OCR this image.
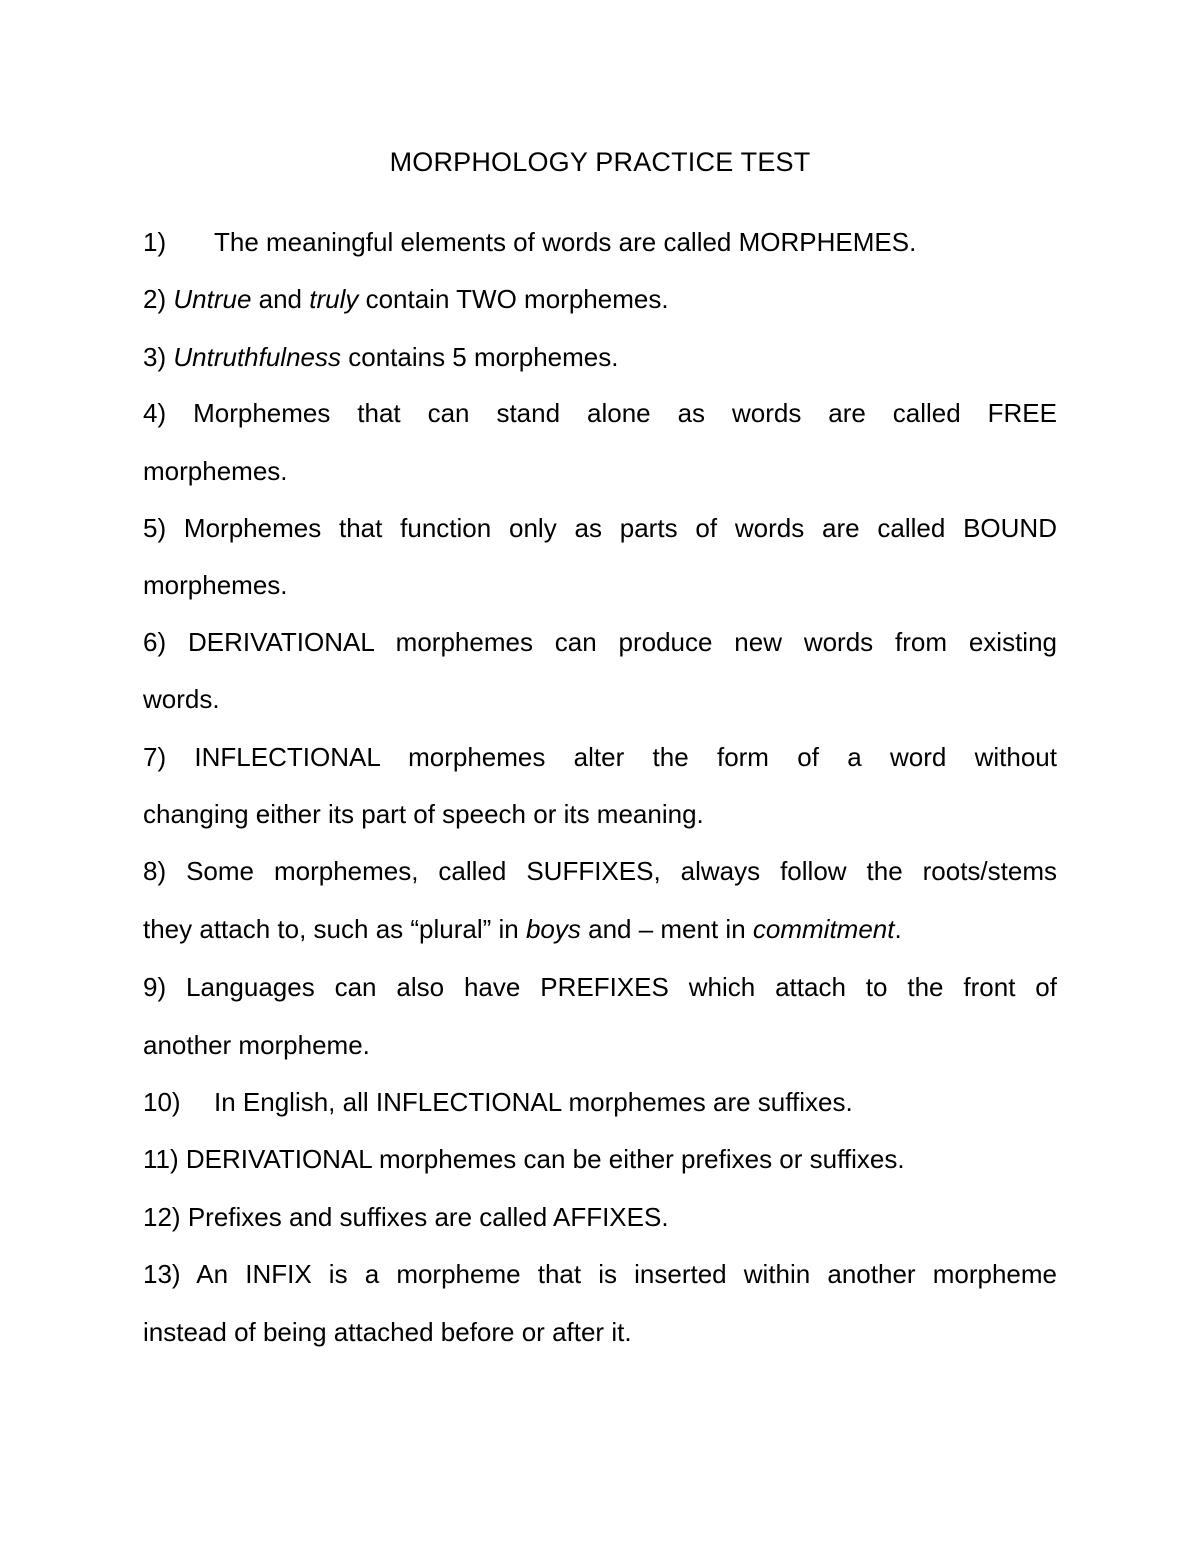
MORPHOLOGY PRACTICE TEST
1) The meaningful elements of words are called MORPHEMES.
2) Untrue and truly contain TWO morphemes.
3) Untruthfulness contains 5 morphemes.
4) Morphemes that can stand alone as words are called FREE
morphemes.
5) Morphemes that function only as parts of words are called BOUND
morphemes.
6) DERIVATIONAL morphemes can produce new words from existing
words.
7) INFLECTIONAL morphemes alter the form of a word without
changing either its part of speech or its meaning.
8) Some morphemes, called SUFFIXES, always follow the roots/stems
they attach to, such as “plural” in boys and – ment in commitment.
9) Languages can also have PREFIXES which attach to the front of
another morpheme.
10) In English, all INFLECTIONAL morphemes are suffixes.
11) DERIVATIONAL morphemes can be either prefixes or suffixes.
12) Prefixes and suffixes are called AFFIXES.
13) An INFIX is a morpheme that is inserted within another morpheme
instead of being attached before or after it.
